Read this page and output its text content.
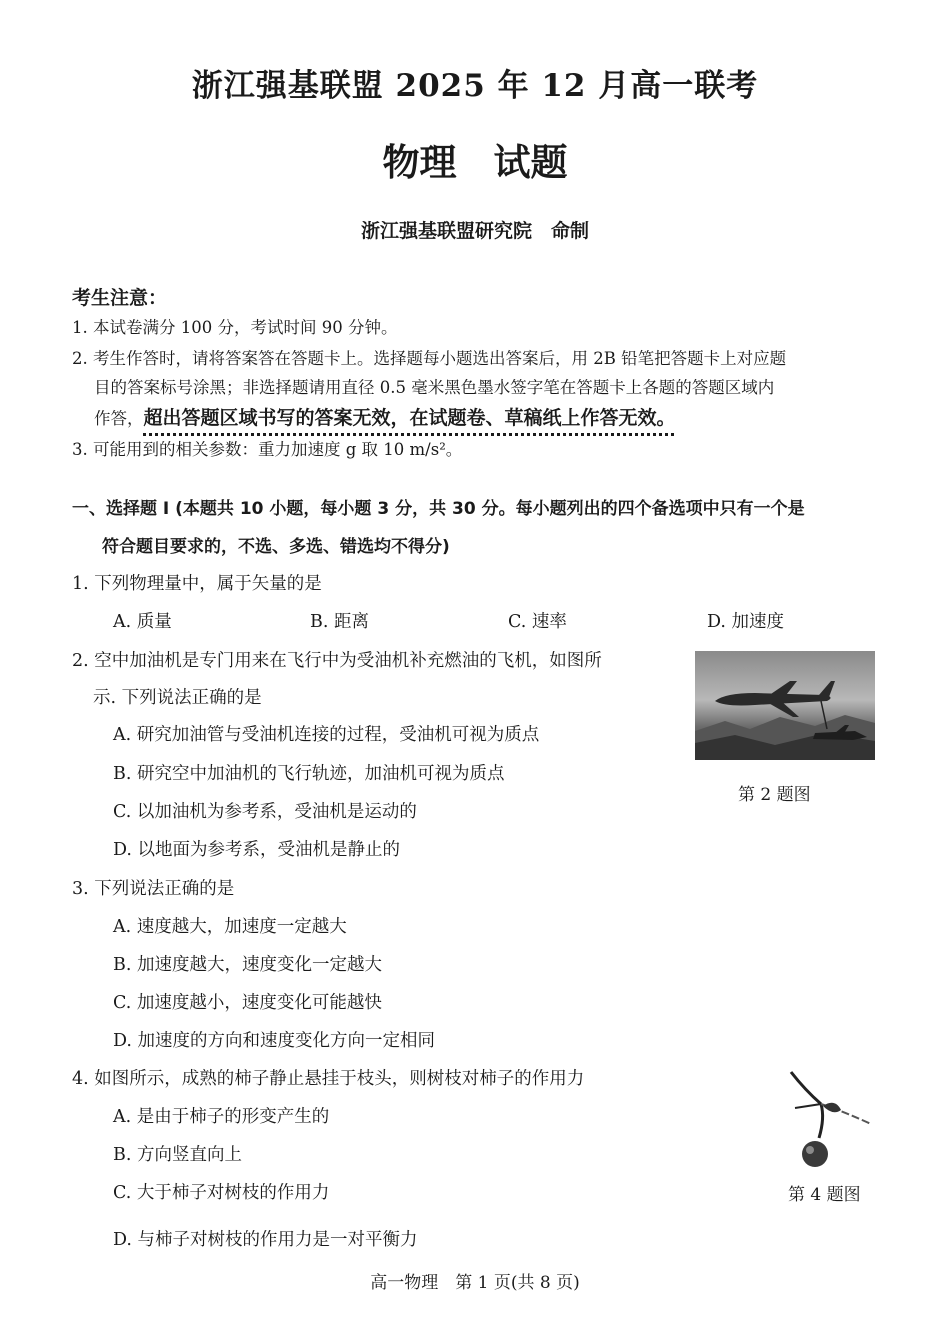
浙江强基联盟 2025 年 12 月高一联考
物理　试题
浙江强基联盟研究院　命制
考生注意：
1. 本试卷满分 100 分，考试时间 90 分钟。
2. 考生作答时，请将答案答在答题卡上。选择题每小题选出答案后，用 2B 铅笔把答题卡上对应题
目的答案标号涂黑；非选择题请用直径 0.5 毫米黑色墨水签字笔在答题卡上各题的答题区域内
作答，超出答题区域书写的答案无效，在试题卷、草稿纸上作答无效。
3. 可能用到的相关参数：重力加速度 g 取 10 m/s²。
一、选择题 Ⅰ (本题共 10 小题，每小题 3 分，共 30 分。每小题列出的四个备选项中只有一个是
符合题目要求的，不选、多选、错选均不得分)
1. 下列物理量中，属于矢量的是
A. 质量	B. 距离	C. 速率	D. 加速度
2. 空中加油机是专门用来在飞行中为受油机补充燃油的飞机，如图所
示. 下列说法正确的是
A. 研究加油管与受油机连接的过程，受油机可视为质点
B. 研究空中加油机的飞行轨迹，加油机可视为质点
C. 以加油机为参考系，受油机是运动的
D. 以地面为参考系，受油机是静止的
第 2 题图
3. 下列说法正确的是
A. 速度越大，加速度一定越大
B. 加速度越大，速度变化一定越大
C. 加速度越小，速度变化可能越快
D. 加速度的方向和速度变化方向一定相同
4. 如图所示，成熟的柿子静止悬挂于枝头，则树枝对柿子的作用力
A. 是由于柿子的形变产生的
B. 方向竖直向上
C. 大于柿子对树枝的作用力
D. 与柿子对树枝的作用力是一对平衡力
第 4 题图
高一物理　第 1 页(共 8 页)
